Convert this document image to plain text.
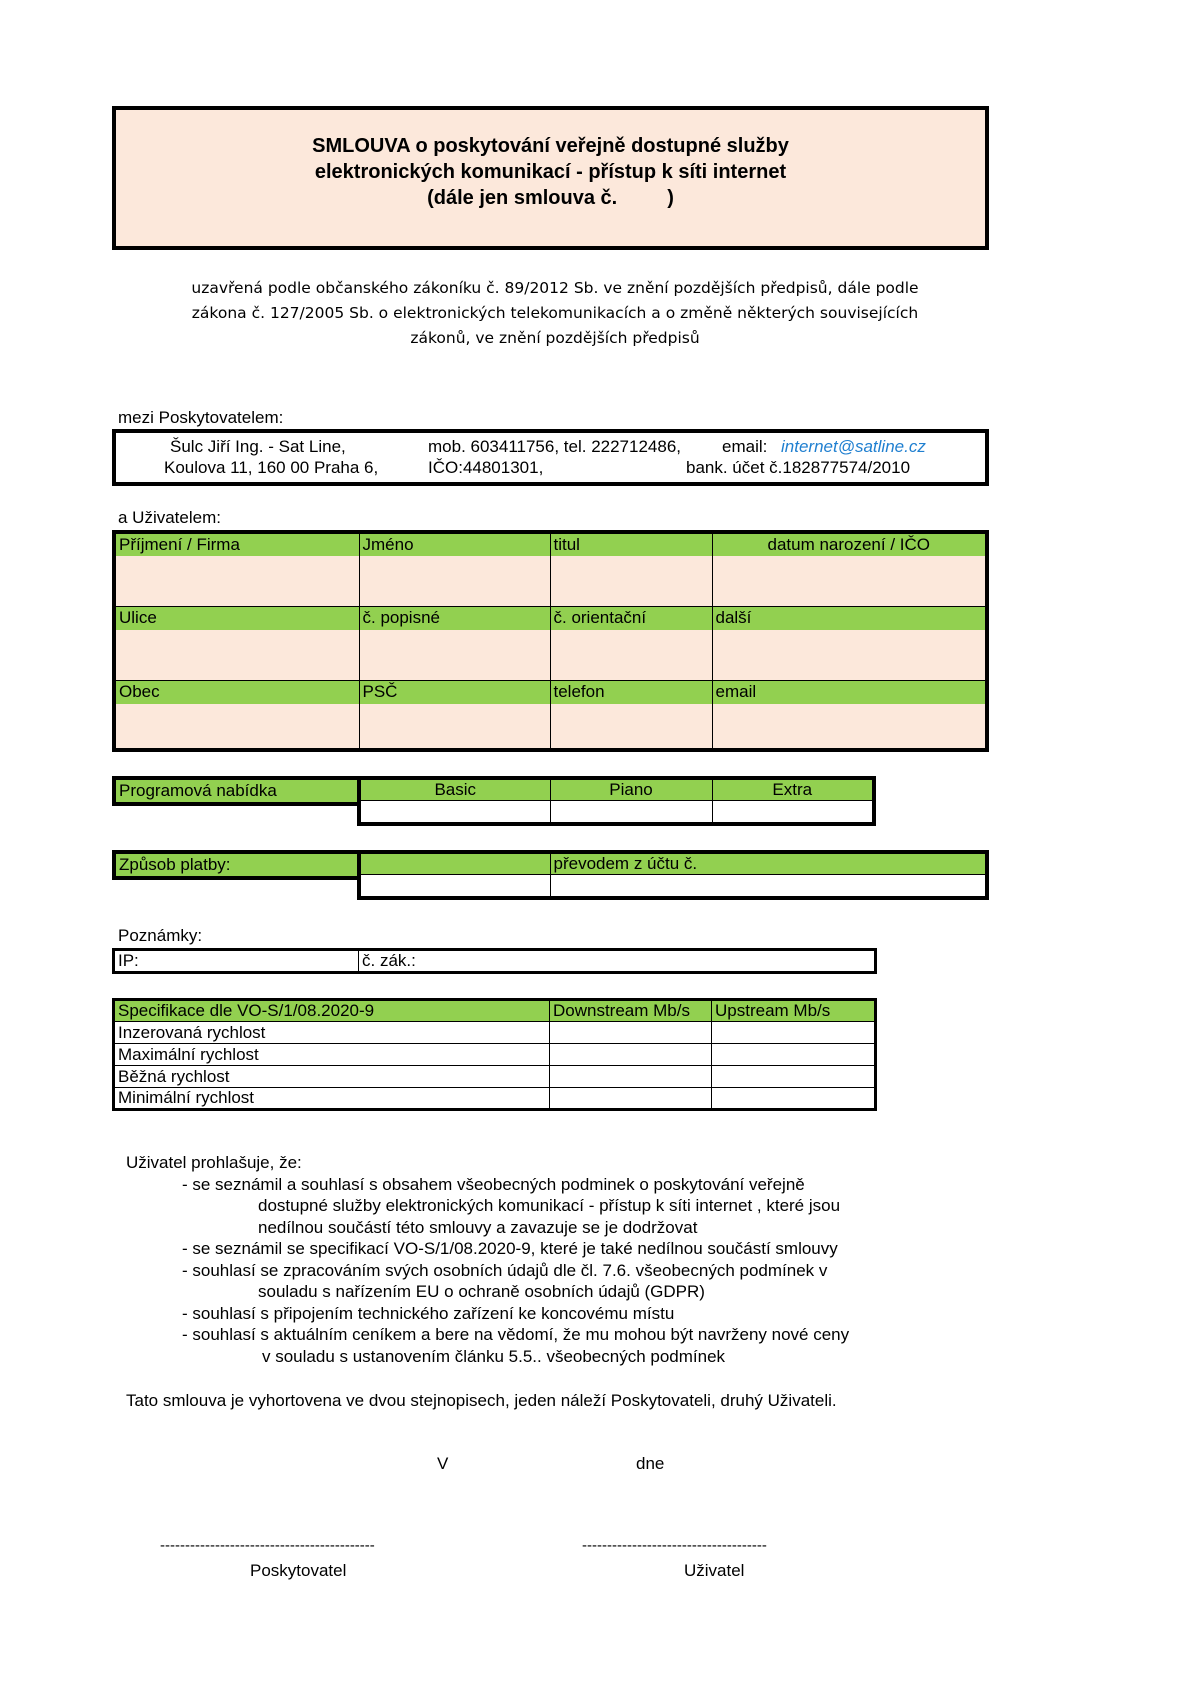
SMLOUVA o poskytování veřejně dostupné služby
elektronických komunikací - přístup k síti internet
(dále jen smlouva č.         )
uzavřená podle občanského zákoníku č. 89/2012 Sb. ve znění pozdějších předpisů, dále podle
zákona č. 127/2005 Sb. o elektronických telekomunikacích a o změně některých souvisejících
zákonů, ve znění pozdějších předpisů
mezi Poskytovatelem:
Šulc Jiří Ing. - Sat Line,	mob. 603411756, tel. 222712486, email: internet@satline.cz
Koulova 11, 160 00 Praha 6,	IČO:44801301,	bank. účet č.182877574/2010
a Uživatelem:
Příjmení / Firma	Jméno	titul	datum narození / IČO

Ulice	č. popisné	č. orientační	další

Obec	PSČ	telefon	email

Programová nabídka	Basic	Piano	Extra

Způsob platby:
		převodem z účtu č.

Poznámky:
IP:	č. zák.:
Specifikace dle VO-S/1/08.2020-9	Downstream Mb/s	Upstream Mb/s
Inzerovaná rychlost		
Maximální rychlost		
Běžná rychlost		
Minimální rychlost		
Uživatel prohlašuje, že:
- se seznámil a souhlasí s obsahem všeobecných podminek o poskytování veřejně
dostupné služby elektronických komunikací - přístup k síti internet , které jsou
nedílnou součástí této smlouvy a zavazuje se je dodržovat
- se seznámil se specifikací VO-S/1/08.2020-9, které je také nedílnou součástí smlouvy
- souhlasí se zpracováním svých osobních údajů dle čl. 7.6. všeobecných podmínek v
souladu s nařízením EU o ochraně osobních údajů (GDPR)
- souhlasí s připojením technického zařízení ke koncovému místu
- souhlasí s aktuálním ceníkem a bere na vědomí, že mu mohou být navrženy nové ceny
v souladu s ustanovením článku 5.5.. všeobecných podmínek
Tato smlouva je vyhortovena ve dvou stejnopisech, jeden náleží Poskytovateli, druhý Uživateli.
V	dne
-------------------------------------------	-------------------------------------
Poskytovatel	Uživatel
